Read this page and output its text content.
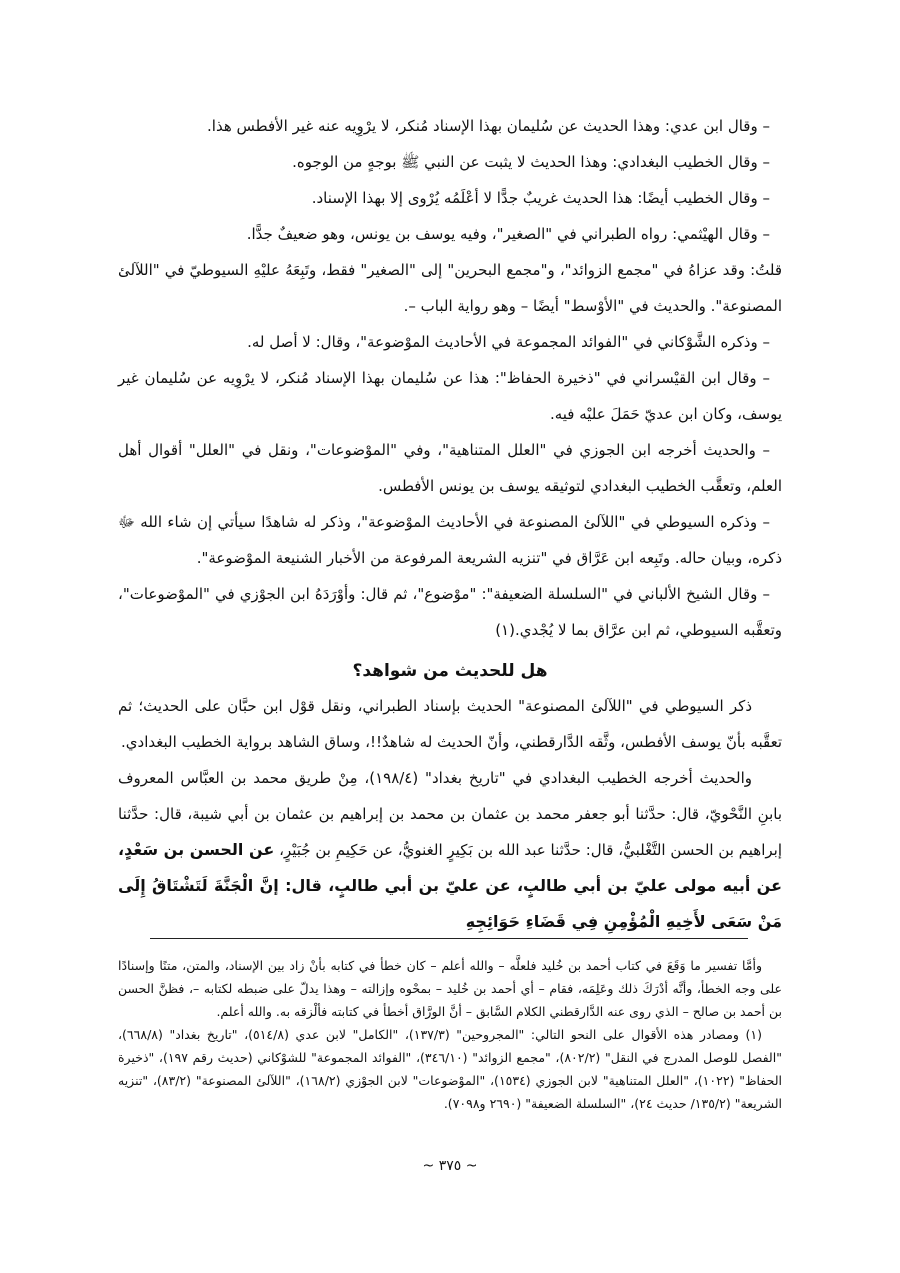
– وقال ابن عدي: وهذا الحديث عن سُليمان بهذا الإسناد مُنكر، لا يرْوِيه عنه غير الأفطس هذا.

– وقال الخطيب البغدادي: وهذا الحديث لا يثبت عن النبي ﷺ بوجهٍ من الوجوه.

– وقال الخطيب أيضًا: هذا الحديث غريبٌ جدًّا لا أعْلَمُه يُرْوى إلا بهذا الإسناد.

– وقال الهيْثمي: رواه الطبراني في "الصغير"، وفيه يوسف بن يونس، وهو ضعيفٌ جدًّا.

قلتُ: وقد عزاهُ في "مجمع الزوائد"، و"مجمع البحرين" إلى "الصغير" فقط، وتَبِعَهُ عليْهِ السيوطيّ في "اللآلئ المصنوعة". والحديث في "الأوْسط" أيضًا – وهو رواية الباب –.

– وذكره الشَّوْكاني في "الفوائد المجموعة في الأحاديث الموْضوعة"، وقال: لا أصل له.

– وقال ابن القيْسراني في "ذخيرة الحفاظ": هذا عن سُليمان بهذا الإسناد مُنكر، لا يرْوِيه عن سُليمان غير يوسف، وكان ابن عديّ حَمَلَ عليْه فيه.

– والحديث أخرجه ابن الجوزي في "العلل المتناهية"، وفي "الموْضوعات"، ونقل في "العلل" أقوال أهل العلم، وتعقَّب الخطيب البغدادي لتوثيقه يوسف بن يونس الأفطس.

– وذكره السيوطي في "اللآلئ المصنوعة في الأحاديث الموْضوعة"، وذكر له شاهدًا سيأتي إن شاء الله ﷻ ذكره، وبيان حاله. وتَبِعه ابن عَرَّاق في "تنزيه الشريعة المرفوعة من الأخبار الشنيعة الموْضوعة".

– وقال الشيخ الألباني في "السلسلة الضعيفة": "موْضوع"، ثم قال: وأوْرَدَهُ ابن الجوْزي في "الموْضوعات"، وتعقَّبه السيوطي، ثم ابن عرَّاق بما لا يُجْدي.(١)

هل للحديث من شواهد؟

ذكر السيوطي في "اللآلئ المصنوعة" الحديث بإسناد الطبراني، ونقل قوْل ابن حبَّان على الحديث؛ ثم تعقَّبه بأنّ يوسف الأفطس، وثَّقه الدَّارقطني، وأنّ الحديث له شاهدٌ!!، وساق الشاهد برواية الخطيب البغدادي.

والحديث أخرجه الخطيب البغدادي في "تاريخ بغداد" (١٩٨/٤)، مِنْ طريق محمد بن العبَّاس المعروف بابنِ النَّحْويّ، قال: حدَّثنا أبو جعفر محمد بن عثمان بن محمد بن إبراهيم بن عثمان بن أبي شيبة، قال: حدَّثنا إبراهيم بن الحسن التَّغْلبيُّ، قال: حدَّثنا عبد الله بن بَكِيرٍ الغنويُّ، عن حَكِيمِ بن جُبَيْرٍ، عن الحسن بن سَعْدٍ، عن أبيه مولى عليّ بن أبي طالبٍ، عن عليّ بن أبي طالبٍ، قال: إنَّ الْجَنَّةَ لَتَشْتَاقُ إِلَى مَنْ سَعَى لأَخِيهِ الْمُؤْمِنِ فِي قَضَاءِ حَوَائِجِهِ

وأمَّا تفسير ما وَقَعَ في كتاب أحمد بن خُليد فلعلَّه – والله أعلم – كان خطأ في كتابه بأنْ زاد بين الإسناد، والمتن، متنًا وإسنادًا على وجه الخطأ، وأنَّه أدْرَكَ ذلك وعَلِمَه، فقام – أي أحمد بن خُليد – بمحْوه وإزالته – وهذا يدلّ على ضبطه لكتابه –، فظنَّ الحسن بن أحمد بن صالح – الذي روى عنه الدَّارقطني الكلام السَّابق – أنَّ الورَّاق أخطأ في كتابته فألْزقه به. والله أعلم.

(١) ومصادر هذه الأقوال على النحو التالي: "المجروحين" (١٣٧/٣)، "الكامل" لابن عدي (٥١٤/٨)، "تاريخ بغداد" (٦٦٨/٨)، "الفصل للوصل المدرج في النقل" (٨٠٢/٢)، "مجمع الزوائد" (٣٤٦/١٠)، "الفوائد المجموعة" للشوْكاني (حديث رقم ١٩٧)، "ذخيرة الحفاظ" (١٠٢٢)، "العلل المتناهية" لابن الجوزي (١٥٣٤)، "الموْضوعات" لابن الجوْزي (١٦٨/٢)، "اللآلئ المصنوعة" (٨٣/٢)، "تنزيه الشريعة" (١٣٥/٢/ حديث ٢٤)، "السلسلة الضعيفة" (٢٦٩٠ و٧٠٩٨).

~ ٣٧٥ ~
